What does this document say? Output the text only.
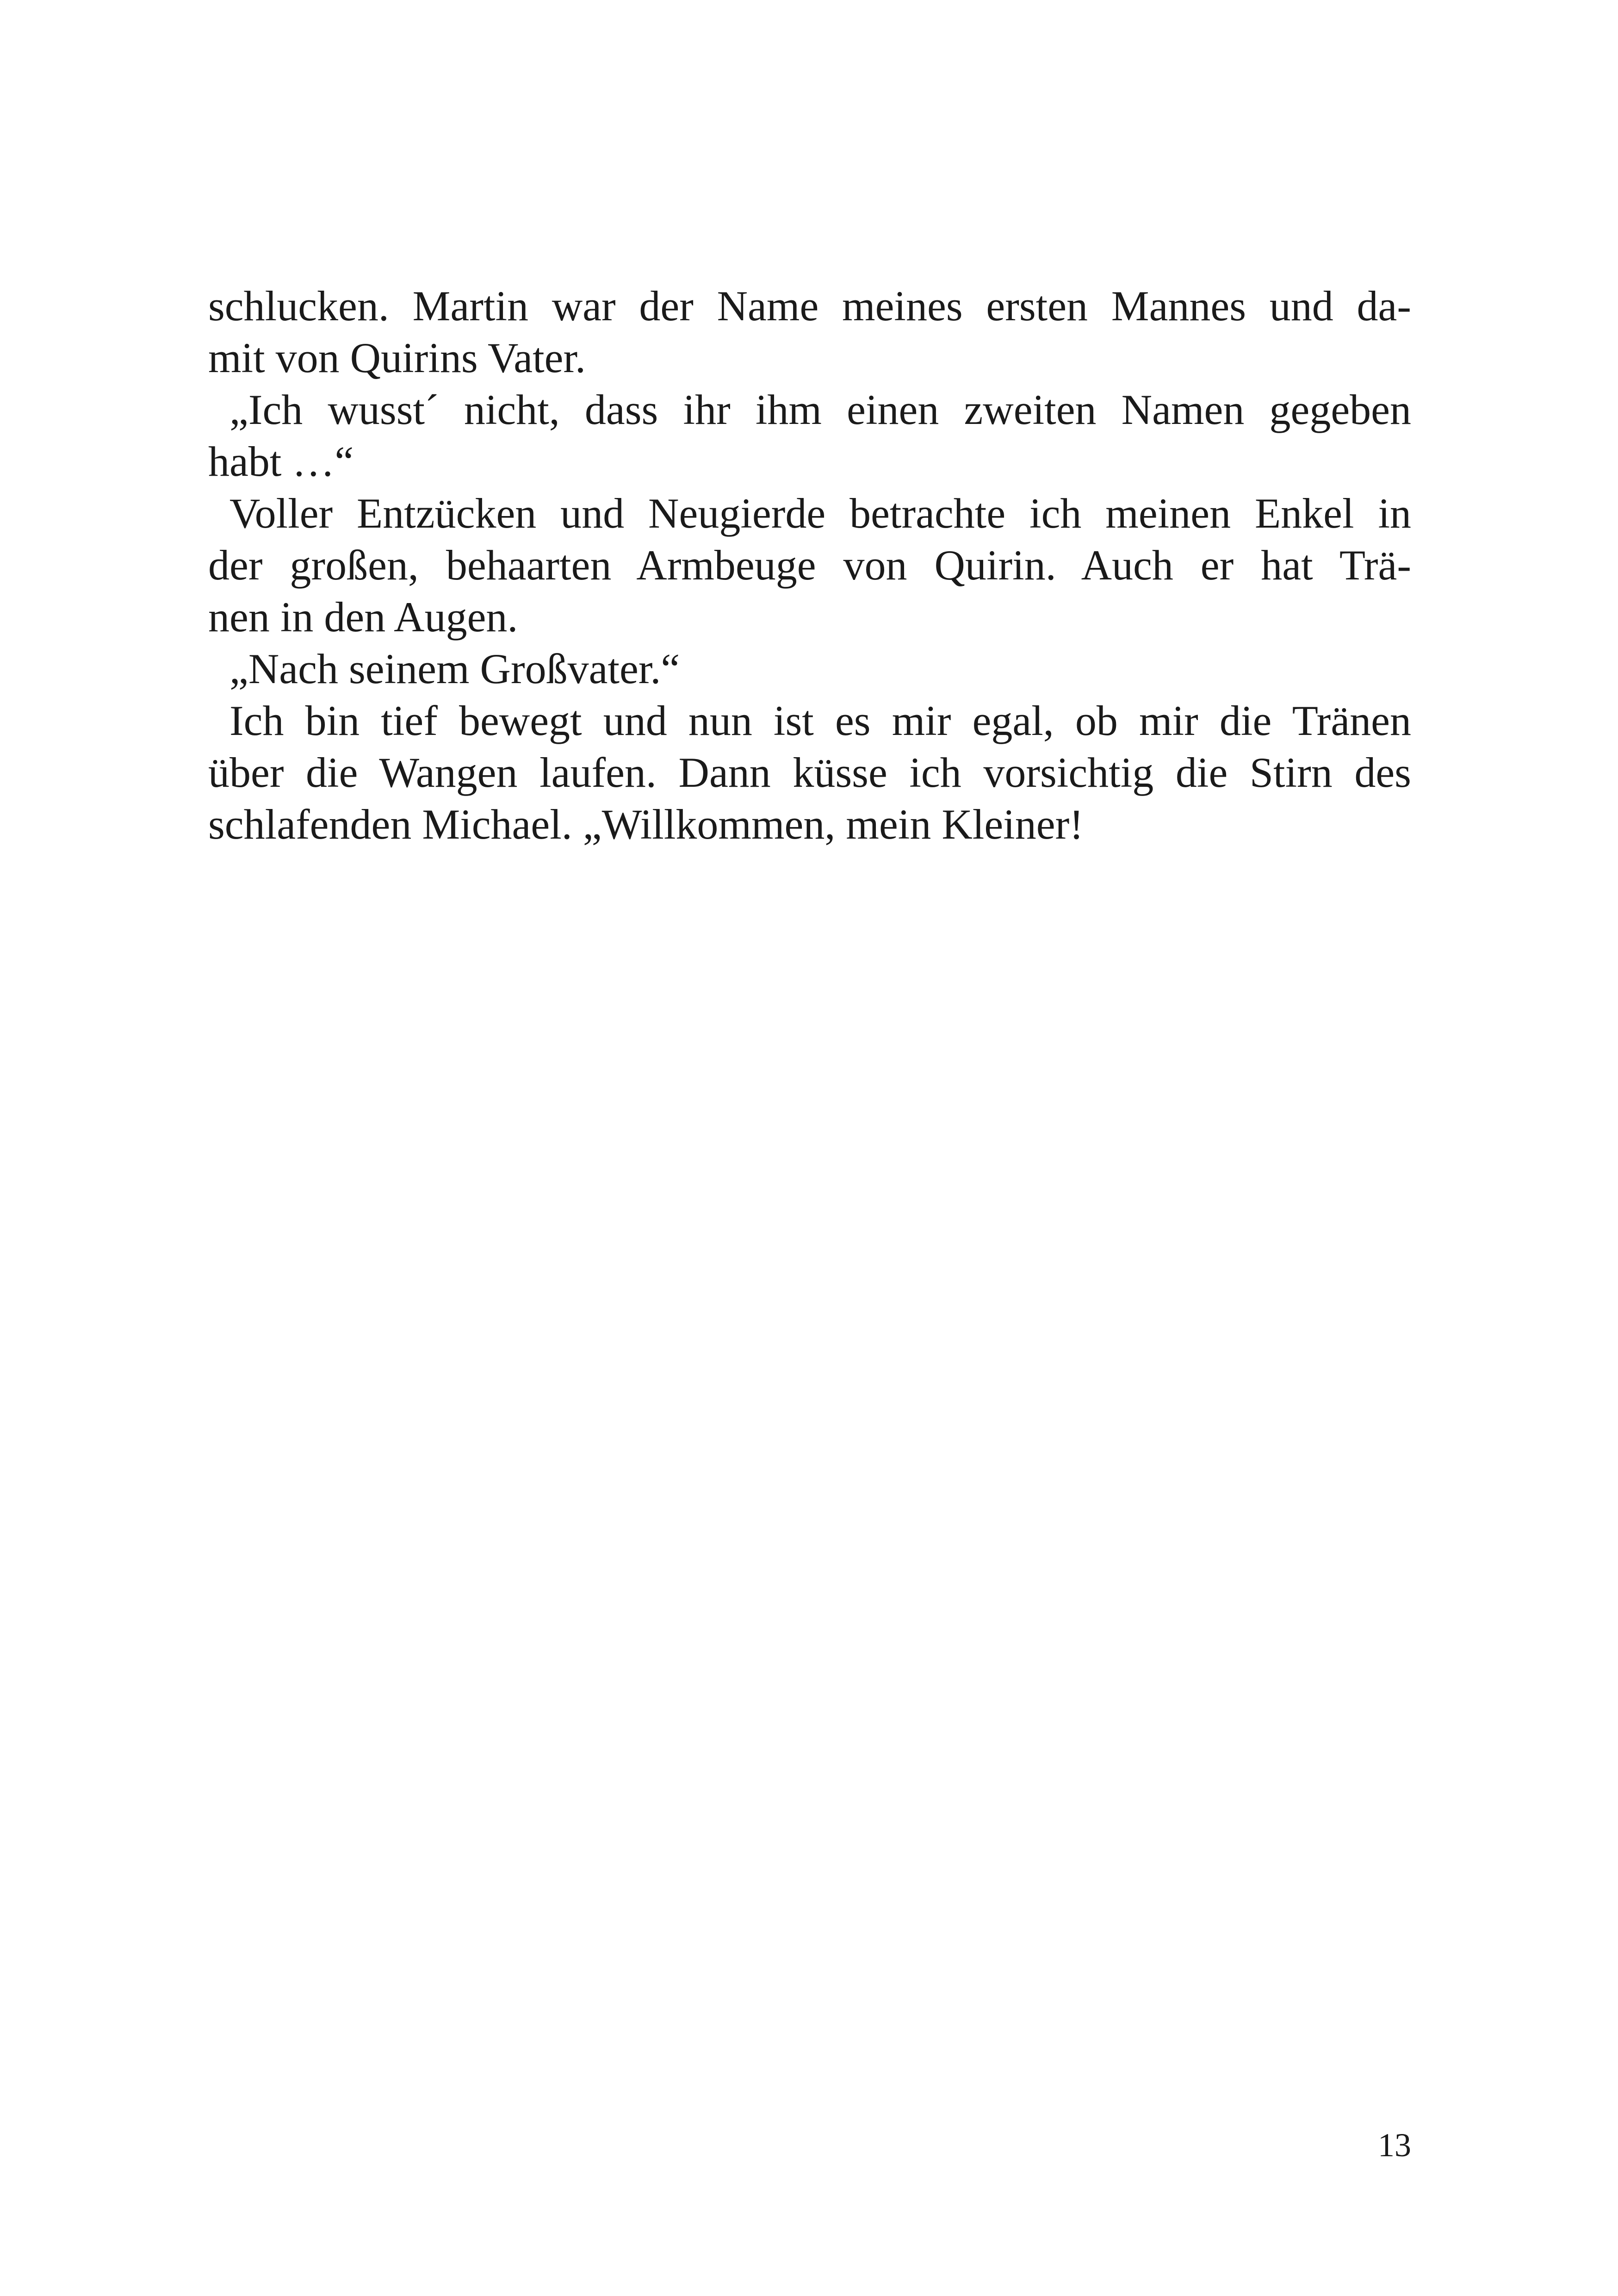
schlucken. Martin war der Name meines ersten Mannes und da-
mit von Quirins Vater.
„Ich wusst´ nicht, dass ihr ihm einen zweiten Namen gegeben
habt …“
Voller Entzücken und Neugierde betrachte ich meinen Enkel in
der großen, behaarten Armbeuge von Quirin. Auch er hat Trä-
nen in den Augen.
„Nach seinem Großvater.“
Ich bin tief bewegt und nun ist es mir egal, ob mir die Tränen
über die Wangen laufen. Dann küsse ich vorsichtig die Stirn des
schlafenden Michael. „Willkommen, mein Kleiner!
13
